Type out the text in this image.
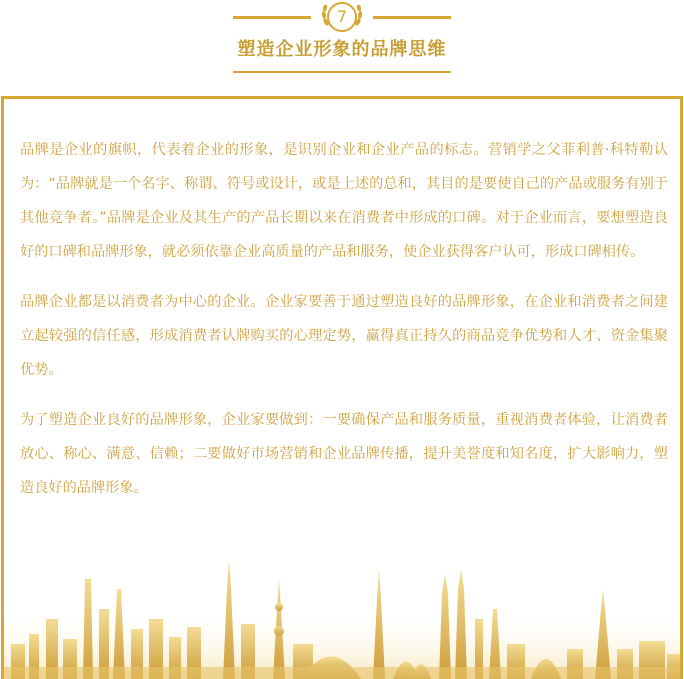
7
塑造企业形象的品牌思维

品牌是企业的旗帜，代表着企业的形象，是识别企业和企业产品的标志。营销学之父菲利普·科特勒认为：“品牌就是一个名字、称谓、符号或设计，或是上述的总和，其目的是要使自己的产品或服务有别于其他竞争者。”品牌是企业及其生产的产品长期以来在消费者中形成的口碑。对于企业而言，要想塑造良好的口碑和品牌形象，就必须依靠企业高质量的产品和服务，使企业获得客户认可，形成口碑相传。

品牌企业都是以消费者为中心的企业。企业家要善于通过塑造良好的品牌形象，在企业和消费者之间建立起较强的信任感，形成消费者认牌购买的心理定势，赢得真正持久的商品竞争优势和人才、资金集聚优势。

为了塑造企业良好的品牌形象，企业家要做到：一要确保产品和服务质量，重视消费者体验，让消费者放心、称心、满意、信赖；二要做好市场营销和企业品牌传播，提升美誉度和知名度，扩大影响力，塑造良好的品牌形象。
